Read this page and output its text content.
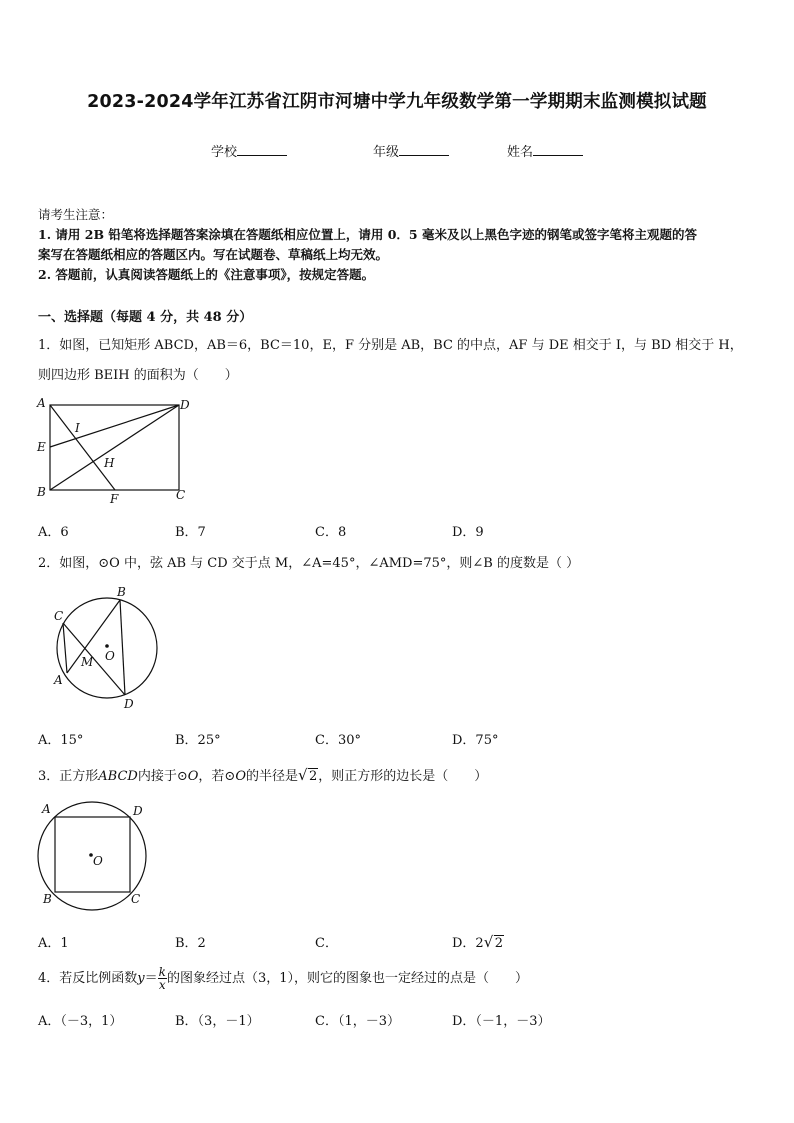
2023-2024学年江苏省江阴市河塘中学九年级数学第一学期期末监测模拟试题
学校	年级	姓名
请考生注意：
1. 请用 2B 铅笔将选择题答案涂填在答题纸相应位置上，请用 0．5 毫米及以上黑色字迹的钢笔或签字笔将主观题的答
案写在答题纸相应的答题区内。写在试题卷、草稿纸上均无效。
2. 答题前，认真阅读答题纸上的《注意事项》，按规定答题。
一、选择题（每题 4 分，共 48 分）
1．如图，已知矩形 ABCD，AB＝6，BC＝10，E，F 分别是 AB，BC 的中点，AF 与 DE 相交于 I，与 BD 相交于 H，
则四边形 BEIH 的面积为（　　）
A	D
E
B	C
F
I
H
A．6	B．7	C．8	D．9
2．如图，⊙O 中，弦 AB 与 CD 交于点 M，∠A=45°，∠AMD=75°，则∠B 的度数是（ ）
B
C
M O
A
D
A．15°	B．25°	C．30°	D．75°
3．正方形ABCD内接于⊙O，若⊙O的半径是 √ 2，则正方形的边长是（　　）
A	D
O
B	C
A．1	B．2	C．	D．2 √ 2
4．若反比例函数$y= \frac{k}{x}$ 的图象经过点（3，1），则它的图象也一定经过的点是（　　）
A．（－3，1）	B．（3，－1）	C．（1，－3）	D．（－1，－3）
